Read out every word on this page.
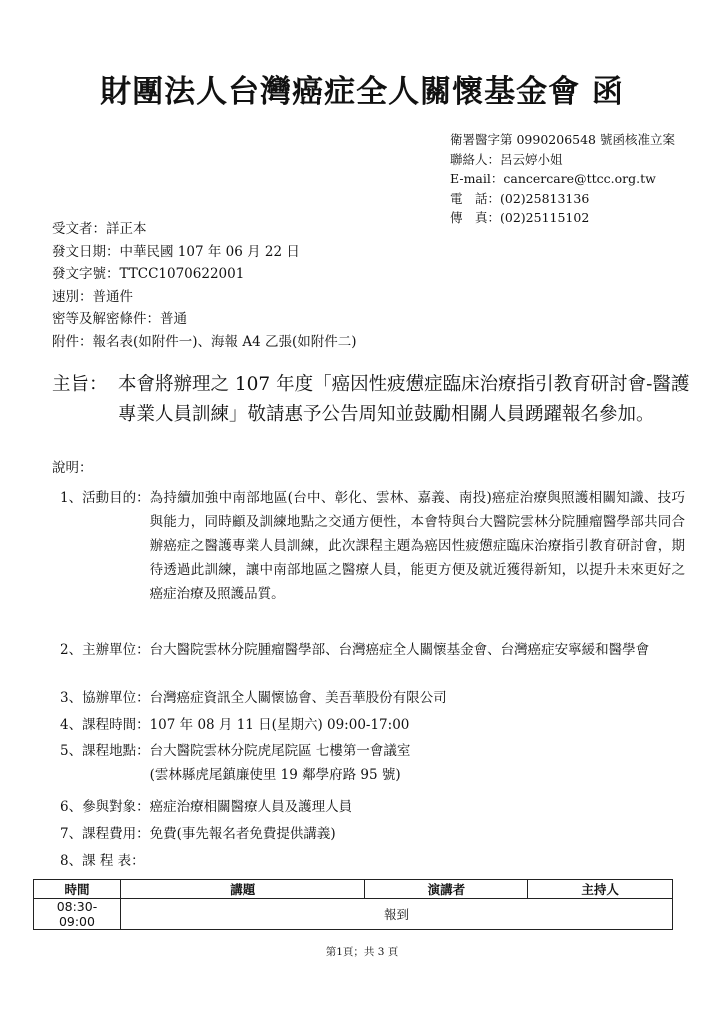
財團法人台灣癌症全人關懷基金會 函
衛署醫字第 0990206548 號函核准立案
聯絡人：呂云婷小姐
E-mail：cancercare@ttcc.org.tw
電　話：(02)25813136
傳　真：(02)25115102
受文者：詳正本
發文日期：中華民國 107 年 06 月 22 日
發文字號：TTCC1070622001
速別：普通件
密等及解密條件：普通
附件：報名表(如附件一)、海報 A4 乙張(如附件二)
主旨： 本會將辦理之 107 年度「癌因性疲憊症臨床治療指引教育研討會-醫護專業人員訓練」敬請惠予公告周知並鼓勵相關人員踴躍報名參加。
說明：
1、活動目的： 為持續加強中南部地區(台中、彰化、雲林、嘉義、南投)癌症治療與照護相關知識、技巧與能力，同時顧及訓練地點之交通方便性，本會特與台大醫院雲林分院腫瘤醫學部共同合辦癌症之醫護專業人員訓練，此次課程主題為癌因性疲憊症臨床治療指引教育研討會，期待透過此訓練，讓中南部地區之醫療人員，能更方便及就近獲得新知，以提升未來更好之癌症治療及照護品質。
2、主辦單位： 台大醫院雲林分院腫瘤醫學部、台灣癌症全人關懷基金會、台灣癌症安寧緩和醫學會
3、協辦單位： 台灣癌症資訊全人關懷協會、美吾華股份有限公司
4、課程時間： 107 年 08 月 11 日(星期六) 09:00-17:00
5、課程地點： 台大醫院雲林分院虎尾院區 七樓第一會議室
(雲林縣虎尾鎮廉使里 19 鄰學府路 95 號)
6、參與對象： 癌症治療相關醫療人員及護理人員
7、課程費用： 免費(事先報名者免費提供講義)
8、課 程 表：
時間	講題	演講者	主持人
08:30- 09:00	報到		
第1頁；共 3 頁
